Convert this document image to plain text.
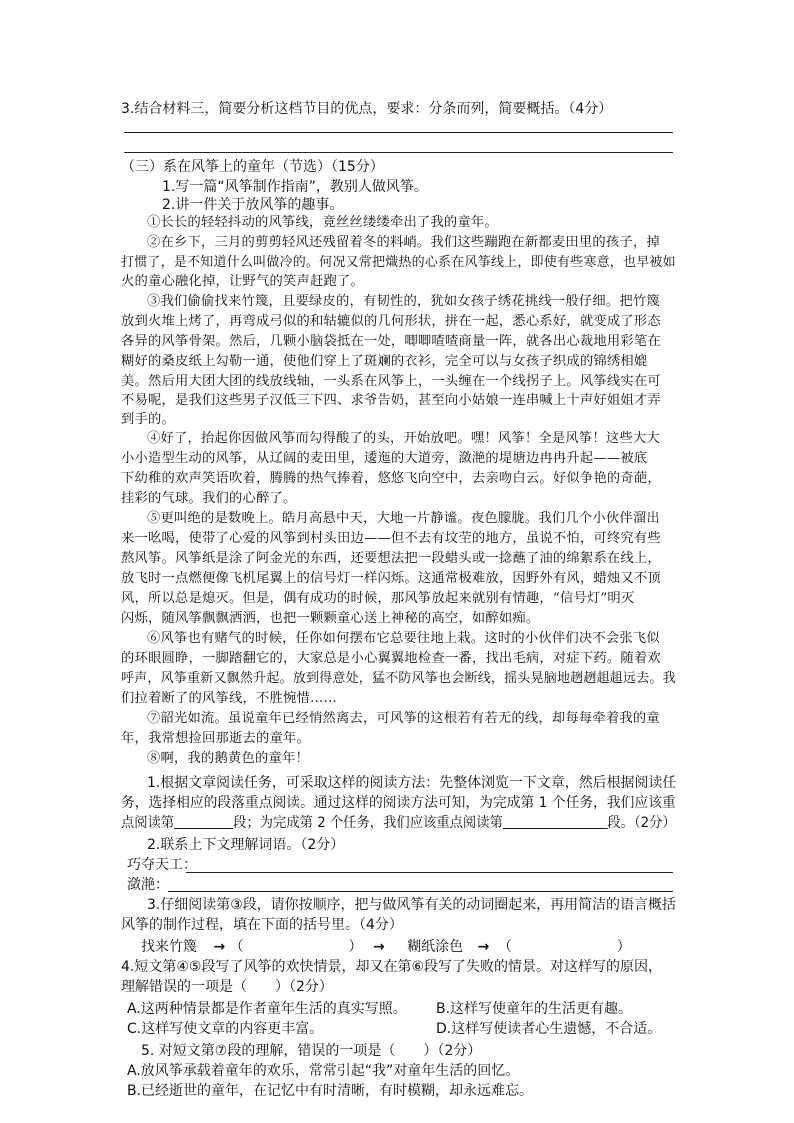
3.结合材料三，简要分析这档节目的优点，要求：分条而列，简要概括。（4分）
（三）系在风筝上的童年（节选）（15分）
1.写一篇“风筝制作指南”，教别人做风筝。
2.讲一件关于放风筝的趣事。
①长长的轻轻抖动的风筝线，竟丝丝缕缕牵出了我的童年。
②在乡下，三月的剪剪轻风还残留着冬的料峭。我们这些蹦跑在新都麦田里的孩子，掉
打惯了，是不知道什么叫做冷的。何况又常把熾热的心系在风筝线上，即使有些寒意，也早被如
火的童心融化掉，让野气的笑声赶跑了。
③我们偷偷找来竹篾，且要绿皮的，有韧性的，犹如女孩子绣花挑线一般仔细。把竹篾
放到火堆上烤了，再弯成弓似的和轱辘似的几何形状，拼在一起，悉心系好，就变成了形态
各异的风筝骨架。然后，几颗小脑袋抵在一处，唧唧喳喳商量一阵，就各出心裁地用彩笔在
糊好的桑皮纸上勾勒一通，使他们穿上了斑斓的衣衫，完全可以与女孩子织成的锦绣相媲
美。然后用大团大团的线放线轴，一头系在风筝上，一头缠在一个线拐子上。风筝线实在可
不易呢，是我们这些男子汉低三下四、求爷告奶，甚至向小姑娘一连串喊上十声好姐姐才弄
到手的。
④好了，抬起你因做风筝而勾得酸了的头，开始放吧。嘿！风筝！全是风筝！这些大大
小小造型生动的风筝，从辽阔的麦田里，逶迤的大道旁，潋滟的堤塘边冉冉升起——被底
下幼稚的欢声笑语吹着，腾腾的热气捧着，悠悠飞向空中，去亲吻白云。好似争艳的奇葩，
挂彩的气球。我们的心醉了。
⑤更叫绝的是数晚上。皓月高悬中天，大地一片静谧。夜色朦胧。我们几个小伙伴溜出
来一吆喝，使带了心爱的风筝到村头田边——但不去有坟茔的地方，虽说不怕，可终究有些
熬风筝。风筝纸是涂了阿金光的东西，还要想法把一段蜡头或一捻蘸了油的绵絮系在线上，
放飞时一点燃便像飞机尾翼上的信号灯一样闪烁。这通常极难放，因野外有风，蜡烛又不顶
风，所以总是熄灭。但是，偶有成功的时候，那风筝放起来就别有情趣，“信号灯”明灭
闪烁，随风筝飘飘洒洒，也把一颗颗童心送上神秘的高空，如醉如痴。
⑥风筝也有赌气的时候，任你如何摆布它总要往地上栽。这时的小伙伴们决不会张飞似
的环眼圆睁，一脚踏翻它的，大家总是小心翼翼地检查一番，找出毛病，对症下药。随着欢
呼声，风筝重新又飘然升起。放到得意处，猛不防风筝也会断线，摇头晃脑地趔趔趄趄远去。我
们拉着断了的风筝线，不胜惋惜……
⑦韶光如流。虽说童年已经悄然离去，可风筝的这根若有若无的线，却每每牵着我的童
年，我常想捡回那逝去的童年。
⑧啊，我的鹅黄色的童年！
1.根据文章阅读任务，可采取这样的阅读方法：先整体浏览一下文章，然后根据阅读任
务，选择相应的段落重点阅读。通过这样的阅读方法可知，为完成第 1 个任务，我们应该重
点阅读第	段；为完成第 2 个任务，我们应该重点阅读第	段。（2分）
2.联系上下文理解词语。（2分）
巧夺天工：
潋滟：
3.仔细阅读第③段，请你按顺序，把与做风筝有关的动词圈起来，再用简洁的语言概括
风筝的制作过程，填在下面的括号里。（4分）
找来竹篾 → （	） → 糊纸涂色 → （	）
4.短文第④⑤段写了风筝的欢快情景，却又在第⑥段写了失败的情景。对这样写的原因，
理解错误的一项是（　　）（2分）
A.这两种情景都是作者童年生活的真实写照。 B.这样写使童年的生活更有趣。
C.这样写使文章的内容更丰富。	D.这样写使读者心生遗憾，不合适。
5. 对短文第⑦段的理解，错误的一项是（　　）（2分）
A.放风筝承载着童年的欢乐，常常引起“我”对童年生活的回忆。
B.已经逝世的童年，在记忆中有时清晰，有时模糊，却永远难忘。
